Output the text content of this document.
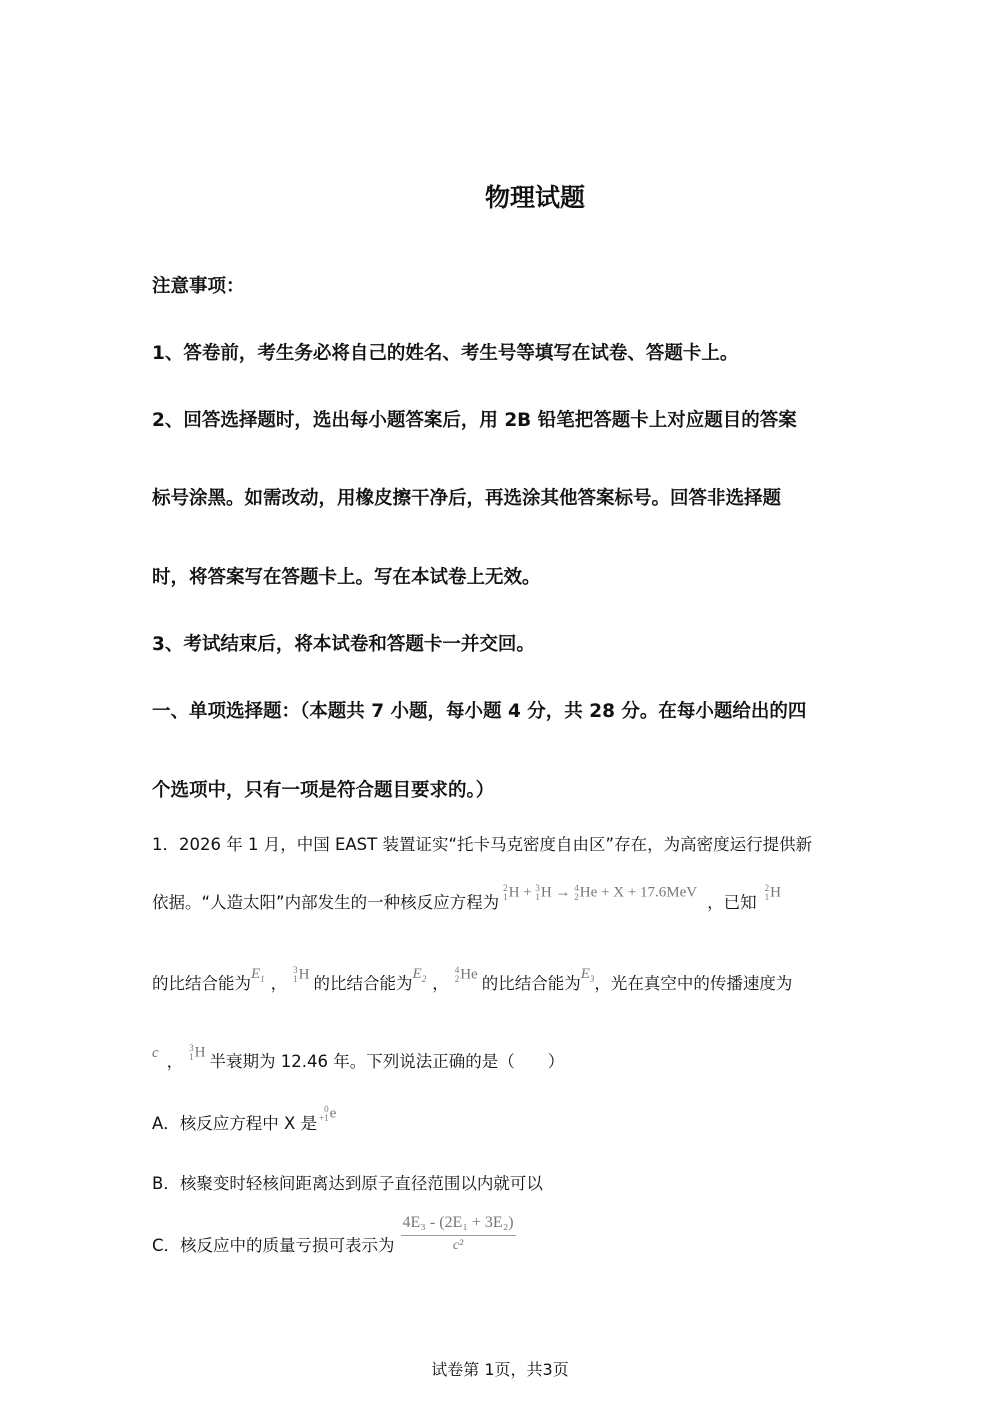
物理试题
注意事项：
1、答卷前，考生务必将自己的姓名、考生号等填写在试卷、答题卡上。
2、回答选择题时，选出每小题答案后，用 2B 铅笔把答题卡上对应题目的答案
标号涂黑。如需改动，用橡皮擦干净后，再选涂其他答案标号。回答非选择题
时，将答案写在答题卡上。写在本试卷上无效。
3、考试结束后，将本试卷和答题卡一并交回。
一、单项选择题：（本题共 7 小题，每小题 4 分，共 28 分。在每小题给出的四
个选项中，只有一项是符合题目要求的。）
1．2026 年 1 月，中国 EAST 装置证实“托卡马克密度自由区”存在，为高密度运行提供新
依据。“人造太阳”内部发生的一种核反应方程为
2
1 H + 3
1 H → 4
2 He + X + 17.6MeV
，已知
2
1 H
的比结合能为 $E_1$ ，
3
1 H 的比结合能为 $E_2$ ，
4
2 He 的比结合能为 $E_3$ ，光在真空中的传播速度为
c ，
3
1 H 半衰期为 12.46 年。下列说法正确的是（　　）
A．核反应方程中 X 是
0
+1 e
B．核聚变时轻核间距离达到原子直径范围以内就可以
C．核反应中的质量亏损可表示为 $\frac{\text{4E₃ - (2E₁ + 3E₂)}}{\text{c²}}$
试卷第 1页，共3页
